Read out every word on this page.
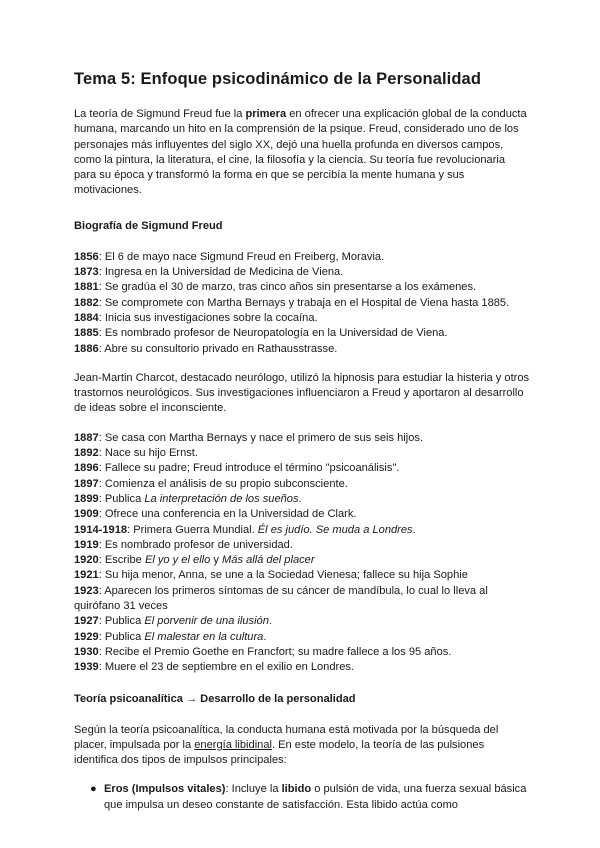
Tema 5: Enfoque psicodinámico de la Personalidad

La teoría de Sigmund Freud fue la primera en ofrecer una explicación global de la conducta humana, marcando un hito en la comprensión de la psique. Freud, considerado uno de los personajes más influyentes del siglo XX, dejó una huella profunda en diversos campos, como la pintura, la literatura, el cine, la filosofía y la ciencia. Su teoría fue revolucionaria para su época y transformó la forma en que se percibía la mente humana y sus motivaciones.

Biografía de Sigmund Freud
1856: El 6 de mayo nace Sigmund Freud en Freiberg, Moravia.
1873: Ingresa en la Universidad de Medicina de Viena.
1881: Se gradúa el 30 de marzo, tras cinco años sin presentarse a los exámenes.
1882: Se compromete con Martha Bernays y trabaja en el Hospital de Viena hasta 1885.
1884: Inicia sus investigaciones sobre la cocaína.
1885: Es nombrado profesor de Neuropatología en la Universidad de Viena.
1886: Abre su consultorio privado en Rathausstrasse.

Jean-Martin Charcot, destacado neurólogo, utilizó la hipnosis para estudiar la histeria y otros trastornos neurológicos. Sus investigaciones influenciaron a Freud y aportaron al desarrollo de ideas sobre el inconsciente.

1887: Se casa con Martha Bernays y nace el primero de sus seis hijos.
1892: Nace su hijo Ernst.
1896: Fallece su padre; Freud introduce el término "psicoanálisis".
1897: Comienza el análisis de su propio subconsciente.
1899: Publica La interpretación de los sueños.
1909: Ofrece una conferencia en la Universidad de Clark.
1914-1918: Primera Guerra Mundial. Él es judío. Se muda a Londres.
1919: Es nombrado profesor de universidad.
1920: Escribe El yo y el ello y Más allá del placer
1921: Su hija menor, Anna, se une a la Sociedad Vienesa; fallece su hija Sophie
1923: Aparecen los primeros síntomas de su cáncer de mandíbula, lo cual lo lleva al quirófano 31 veces
1927: Publica El porvenir de una ilusión.
1929: Publica El malestar en la cultura.
1930: Recibe el Premio Goethe en Francfort; su madre fallece a los 95 años.
1939: Muere el 23 de septiembre en el exilio en Londres.
Teoría psicoanalítica → Desarrollo de la personalidad

Según la teoría psicoanalítica, la conducta humana está motivada por la búsqueda del placer, impulsada por la energía libidinal. En este modelo, la teoría de las pulsiones identifica dos tipos de impulsos principales:

● Eros (Impulsos vitales): Incluye la libido o pulsión de vida, una fuerza sexual básica que impulsa un deseo constante de satisfacción. Esta libido actúa como
